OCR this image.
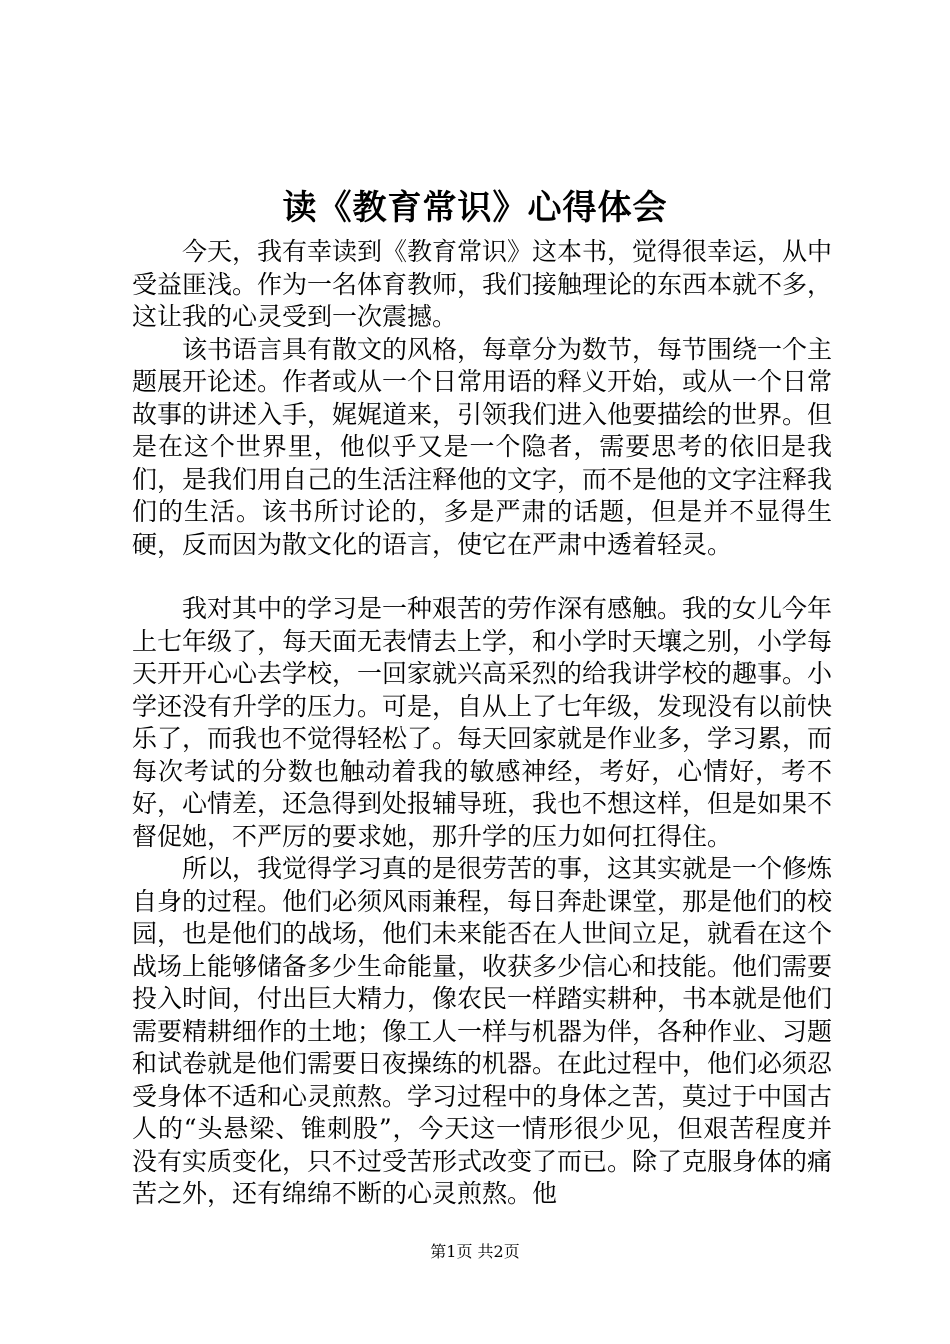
读《教育常识》心得体会

今天，我有幸读到《教育常识》这本书，觉得很幸运，从中受益匪浅。作为一名体育教师，我们接触理论的东西本就不多，这让我的心灵受到一次震撼。

该书语言具有散文的风格，每章分为数节，每节围绕一个主题展开论述。作者或从一个日常用语的释义开始，或从一个日常故事的讲述入手，娓娓道来，引领我们进入他要描绘的世界。但是在这个世界里，他似乎又是一个隐者，需要思考的依旧是我们，是我们用自己的生活注释他的文字，而不是他的文字注释我们的生活。该书所讨论的，多是严肃的话题，但是并不显得生硬，反而因为散文化的语言，使它在严肃中透着轻灵。

我对其中的学习是一种艰苦的劳作深有感触。我的女儿今年上七年级了，每天面无表情去上学，和小学时天壤之别，小学每天开开心心去学校，一回家就兴高采烈的给我讲学校的趣事。小学还没有升学的压力。可是，自从上了七年级，发现没有以前快乐了，而我也不觉得轻松了。每天回家就是作业多，学习累，而每次考试的分数也触动着我的敏感神经，考好，心情好，考不好，心情差，还急得到处报辅导班，我也不想这样，但是如果不督促她，不严厉的要求她，那升学的压力如何扛得住。

所以，我觉得学习真的是很劳苦的事，这其实就是一个修炼自身的过程。他们必须风雨兼程，每日奔赴课堂，那是他们的校园，也是他们的战场，他们未来能否在人世间立足，就看在这个战场上能够储备多少生命能量，收获多少信心和技能。他们需要投入时间，付出巨大精力，像农民一样踏实耕种，书本就是他们需要精耕细作的土地；像工人一样与机器为伴，各种作业、习题和试卷就是他们需要日夜操练的机器。在此过程中，他们必须忍受身体不适和心灵煎熬。学习过程中的身体之苦，莫过于中国古人的“头悬梁、锥刺股”，今天这一情形很少见，但艰苦程度并没有实质变化，只不过受苦形式改变了而已。除了克服身体的痛苦之外，还有绵绵不断的心灵煎熬。他

第1页 共2页
